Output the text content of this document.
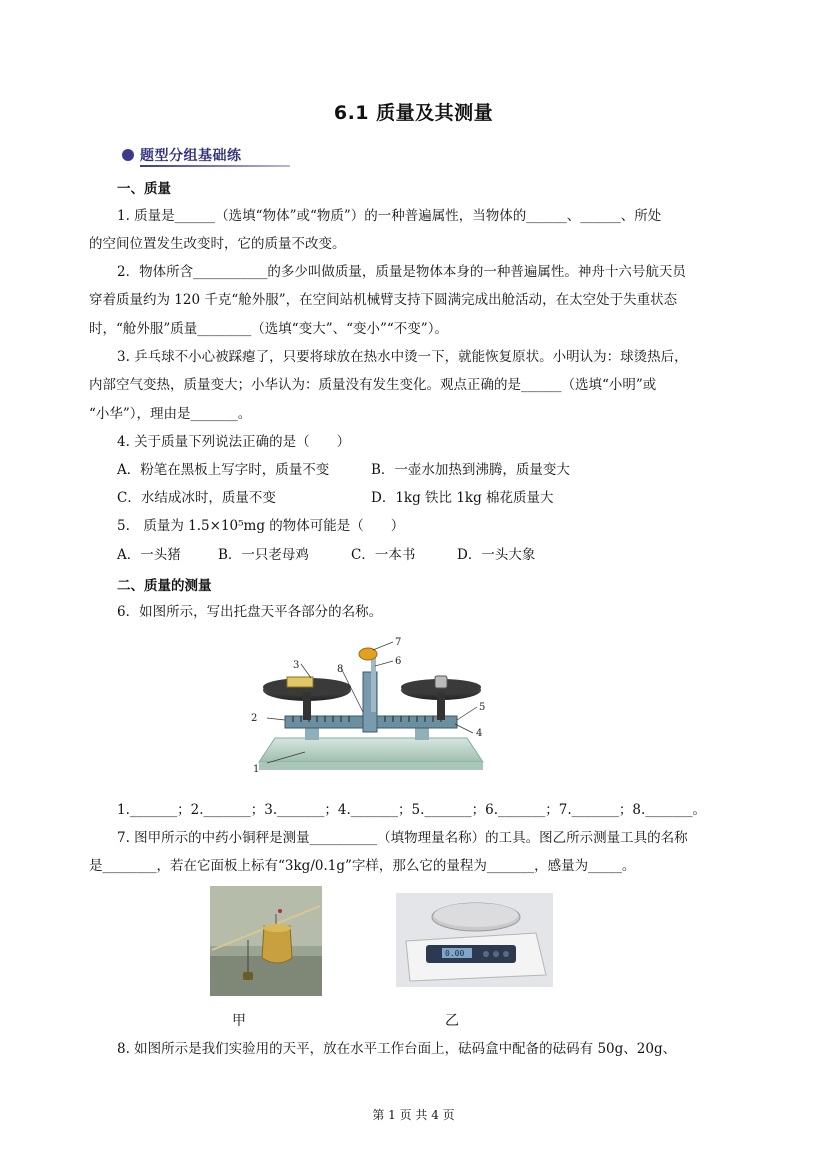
6.1 质量及其测量
题型分组基础练
一、质量
1. 质量是______（选填“物体”或“物质”）的一种普遍属性，当物体的______、______、所处
的空间位置发生改变时，它的质量不改变。
2．物体所含___________的多少叫做质量，质量是物体本身的一种普遍属性。神舟十六号航天员
穿着质量约为 120 千克“舱外服”，在空间站机械臂支持下圆满完成出舱活动，在太空处于失重状态
时，“舱外服”质量________（选填“变大”、“变小”“不变”）。
3. 乒乓球不小心被踩瘪了，只要将球放在热水中烫一下，就能恢复原状。小明认为：球烫热后，
内部空气变热，质量变大；小华认为：质量没有发生变化。观点正确的是______（选填“小明”或
“小华”），理由是_______。
4. 关于质量下列说法正确的是（　　）
A．粉笔在黑板上写字时，质量不变	B．一壶水加热到沸腾，质量变大
C．水结成冰时，质量不变	D．1kg 铁比 1kg 棉花质量大
5.　质量为 1.5×10⁵mg 的物体可能是（　　）
A．一头猪	B．一只老母鸡	C．一本书	D．一头大象
二、质量的测量
6．如图所示，写出托盘天平各部分的名称。
1
2
3
4
5
6
7
8
1._______；2._______；3._______；4._______；5._______；6._______；7._______；8._______。
7. 图甲所示的中药小铜秤是测量__________（填物理量名称）的工具。图乙所示测量工具的名称
是________，若在它面板上标有“3kg/0.1g”字样，那么它的量程为_______，感量为_____。
0.00
甲	乙
8. 如图所示是我们实验用的天平，放在水平工作台面上，砝码盒中配备的砝码有 50g、20g、
第 1 页 共 4 页
